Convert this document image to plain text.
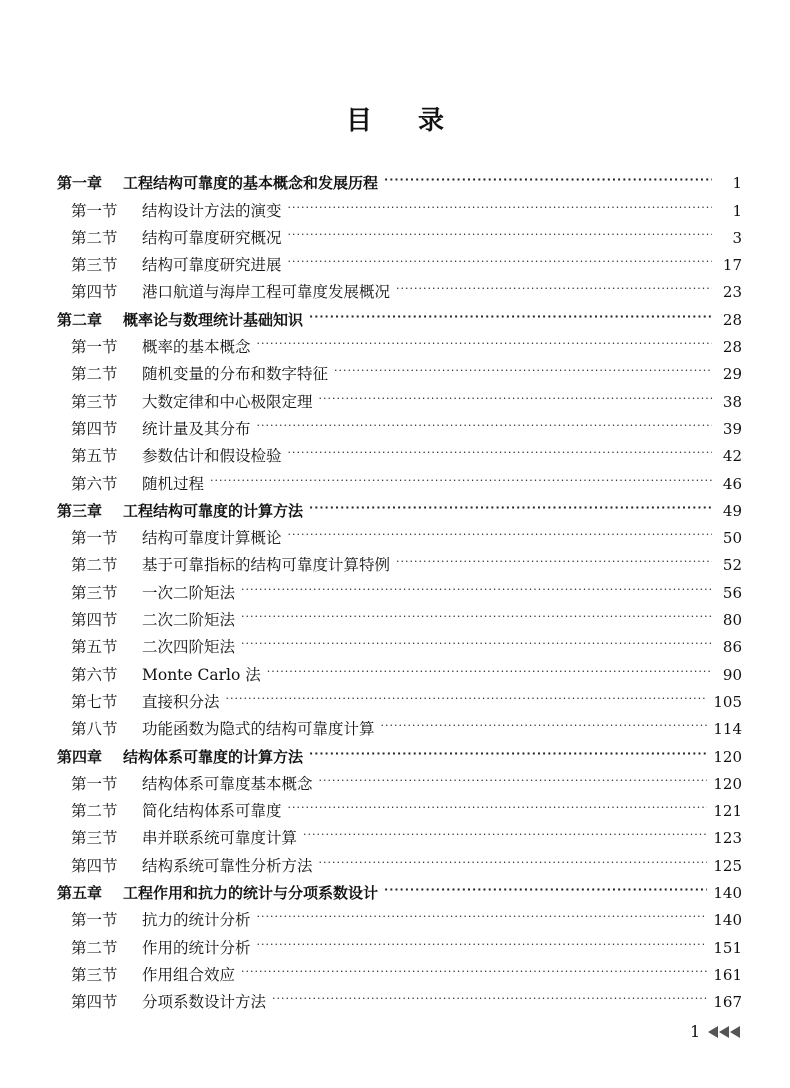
目 录
第一章	工程结构可靠度的基本概念和发展历程 ·····	1
第一节	结构设计方法的演变 ·····	1
第二节	结构可靠度研究概况 ·····	3
第三节	结构可靠度研究进展 ·····	17
第四节	港口航道与海岸工程可靠度发展概况 ·····	23
第二章	概率论与数理统计基础知识 ·····	28
第一节	概率的基本概念 ·····	28
第二节	随机变量的分布和数字特征 ·····	29
第三节	大数定律和中心极限定理 ·····	38
第四节	统计量及其分布 ·····	39
第五节	参数估计和假设检验 ·····	42
第六节	随机过程 ·····	46
第三章	工程结构可靠度的计算方法 ·····	49
第一节	结构可靠度计算概论 ·····	50
第二节	基于可靠指标的结构可靠度计算特例 ·····	52
第三节	一次二阶矩法 ·····	56
第四节	二次二阶矩法 ·····	80
第五节	二次四阶矩法 ·····	86
第六节	Monte Carlo 法 ·····	90
第七节	直接积分法 ·····	105
第八节	功能函数为隐式的结构可靠度计算 ·····	114
第四章	结构体系可靠度的计算方法 ·····	120
第一节	结构体系可靠度基本概念 ·····	120
第二节	简化结构体系可靠度 ·····	121
第三节	串并联系统可靠度计算 ·····	123
第四节	结构系统可靠性分析方法 ·····	125
第五章	工程作用和抗力的统计与分项系数设计 ·····	140
第一节	抗力的统计分析 ·····	140
第二节	作用的统计分析 ·····	151
第三节	作用组合效应 ·····	161
第四节	分项系数设计方法 ·····	167
1
